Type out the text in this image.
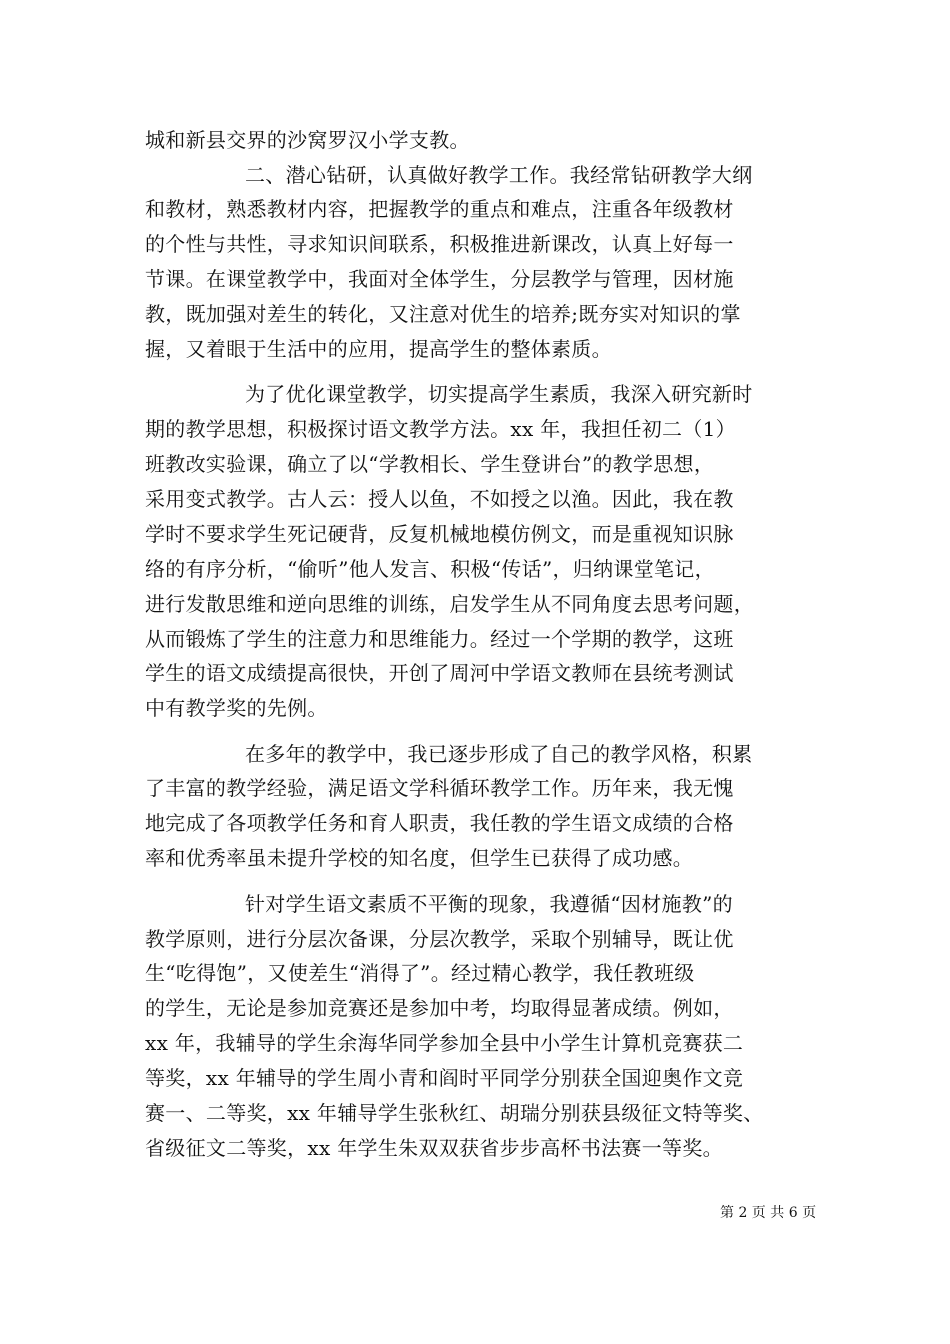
城和新县交界的沙窝罗汉小学支教。
二、潜心钻研，认真做好教学工作。我经常钻研教学大纲
和教材，熟悉教材内容，把握教学的重点和难点，注重各年级教材
的个性与共性，寻求知识间联系，积极推进新课改，认真上好每一
节课。在课堂教学中，我面对全体学生，分层教学与管理，因材施
教，既加强对差生的转化，又注意对优生的培养;既夯实对知识的掌
握，又着眼于生活中的应用，提高学生的整体素质。
为了优化课堂教学，切实提高学生素质，我深入研究新时
期的教学思想，积极探讨语文教学方法。xx 年，我担任初二（1）
班教改实验课，确立了以“学教相长、学生登讲台”的教学思想，
采用变式教学。古人云：授人以鱼，不如授之以渔。因此，我在教
学时不要求学生死记硬背，反复机械地模仿例文，而是重视知识脉
络的有序分析，“偷听”他人发言、积极“传话”，归纳课堂笔记，
进行发散思维和逆向思维的训练，启发学生从不同角度去思考问题，
从而锻炼了学生的注意力和思维能力。经过一个学期的教学，这班
学生的语文成绩提高很快，开创了周河中学语文教师在县统考测试
中有教学奖的先例。
在多年的教学中，我已逐步形成了自己的教学风格，积累
了丰富的教学经验，满足语文学科循环教学工作。历年来，我无愧
地完成了各项教学任务和育人职责，我任教的学生语文成绩的合格
率和优秀率虽未提升学校的知名度，但学生已获得了成功感。
针对学生语文素质不平衡的现象，我遵循“因材施教”的
教学原则，进行分层次备课，分层次教学，采取个别辅导，既让优
生“吃得饱”，又使差生“消得了”。经过精心教学，我任教班级
的学生，无论是参加竞赛还是参加中考，均取得显著成绩。例如，
xx 年，我辅导的学生余海华同学参加全县中小学生计算机竞赛获二
等奖，xx 年辅导的学生周小青和阎时平同学分别获全国迎奥作文竞
赛一、二等奖，xx 年辅导学生张秋红、胡瑞分别获县级征文特等奖、
省级征文二等奖，xx 年学生朱双双获省步步高杯书法赛一等奖。
第 2 页 共 6 页
